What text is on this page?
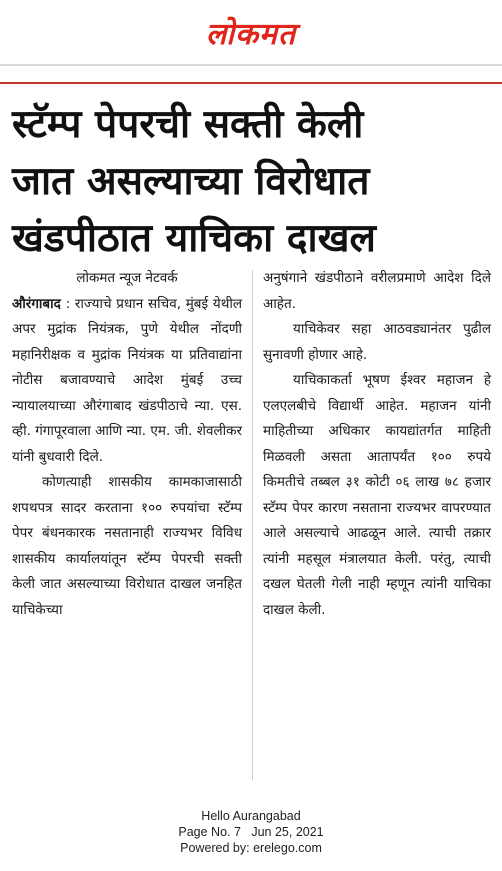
लोकमत
स्टॅम्प पेपरची सक्ती केली
जात असल्याच्या विरोधात
खंडपीठात याचिका दाखल

लोकमत न्यूज नेटवर्क

औरंगाबाद : राज्याचे प्रधान सचिव, मुंबई येथील अपर मुद्रांक नियंत्रक, पुणे येथील नोंदणी महानिरीक्षक व मुद्रांक नियंत्रक या प्रतिवाद्यांना नोटीस बजावण्याचे आदेश मुंबई उच्च न्यायालयाच्या औरंगाबाद खंडपीठाचे न्या. एस. व्ही. गंगापूरवाला आणि न्या. एम. जी. शेवलीकर यांनी बुधवारी दिले.

कोणत्याही शासकीय कामकाजासाठी शपथपत्र सादर करताना १०० रुपयांचा स्टॅम्प पेपर बंधनकारक नसतानाही राज्यभर विविध शासकीय कार्यालयांतून स्टॅम्प पेपरची सक्ती केली जात असल्याच्या विरोधात दाखल जनहित याचिकेच्या

अनुषंगाने खंडपीठाने वरीलप्रमाणे आदेश दिले आहेत.

याचिकेवर सहा आठवड्यानंतर पुढील सुनावणी होणार आहे.

याचिकाकर्ता भूषण ईश्वर महाजन हे एलएलबीचे विद्यार्थी आहेत. महाजन यांनी माहितीच्या अधिकार कायद्यांतर्गत माहिती मिळवली असता आतापर्यंत १०० रुपये किमतीचे तब्बल ३१ कोटी ०६ लाख ७८ हजार स्टॅम्प पेपर कारण नसताना राज्यभर वापरण्यात आले असल्याचे आढळून आले. त्याची तक्रार त्यांनी महसूल मंत्रालयात केली. परंतु, त्याची दखल घेतली गेली नाही म्हणून त्यांनी याचिका दाखल केली.

Hello Aurangabad
Page No. 7   Jun 25, 2021
Powered by: erelego.com
